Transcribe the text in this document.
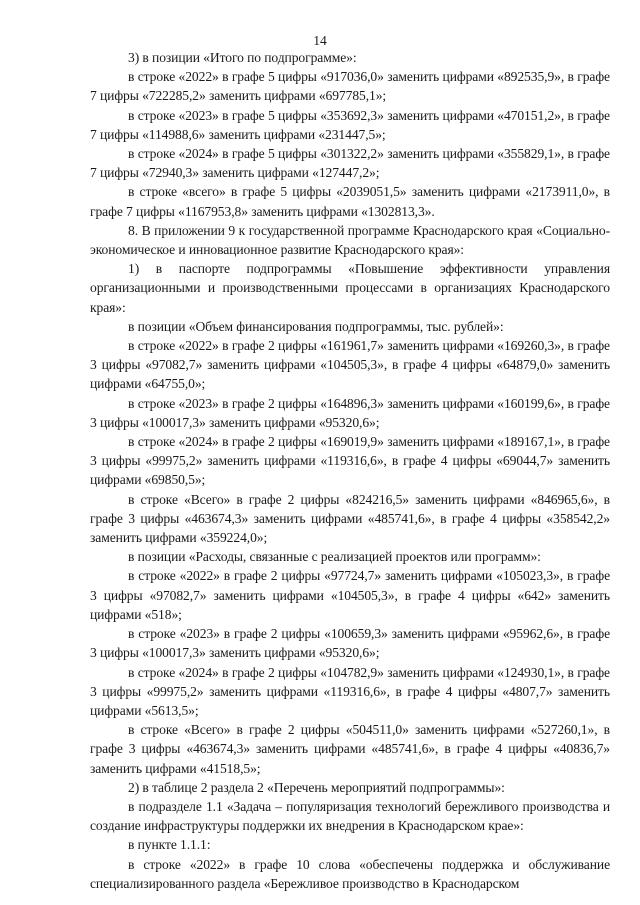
14

3) в позиции «Итого по подпрограмме»:

в строке «2022» в графе 5 цифры «917036,0» заменить цифрами «892535,9», в графе 7 цифры «722285,2» заменить цифрами «697785,1»;

в строке «2023» в графе 5 цифры «353692,3» заменить цифрами «470151,2», в графе 7 цифры «114988,6» заменить цифрами «231447,5»;

в строке «2024» в графе 5 цифры «301322,2» заменить цифрами «355829,1», в графе 7 цифры «72940,3» заменить цифрами «127447,2»;

в строке «всего» в графе 5 цифры «2039051,5» заменить цифрами «2173911,0», в графе 7 цифры «1167953,8» заменить цифрами «1302813,3».

8. В приложении 9 к государственной программе Краснодарского края «Социально-экономическое и инновационное развитие Краснодарского края»:

1) в паспорте подпрограммы «Повышение эффективности управления организационными и производственными процессами в организациях Краснодарского края»:

в позиции «Объем финансирования подпрограммы, тыс. рублей»:

в строке «2022» в графе 2 цифры «161961,7» заменить цифрами «169260,3», в графе 3 цифры «97082,7» заменить цифрами «104505,3», в графе 4 цифры «64879,0» заменить цифрами «64755,0»;

в строке «2023» в графе 2 цифры «164896,3» заменить цифрами «160199,6», в графе 3 цифры «100017,3» заменить цифрами «95320,6»;

в строке «2024» в графе 2 цифры «169019,9» заменить цифрами «189167,1», в графе 3 цифры «99975,2» заменить цифрами «119316,6», в графе 4 цифры «69044,7» заменить цифрами «69850,5»;

в строке «Всего» в графе 2 цифры «824216,5» заменить цифрами «846965,6», в графе 3 цифры «463674,3» заменить цифрами «485741,6», в графе 4 цифры «358542,2» заменить цифрами «359224,0»;

в позиции «Расходы, связанные с реализацией проектов или программ»:

в строке «2022» в графе 2 цифры «97724,7» заменить цифрами «105023,3», в графе 3 цифры «97082,7» заменить цифрами «104505,3», в графе 4 цифры «642» заменить цифрами «518»;

в строке «2023» в графе 2 цифры «100659,3» заменить цифрами «95962,6», в графе 3 цифры «100017,3» заменить цифрами «95320,6»;

в строке «2024» в графе 2 цифры «104782,9» заменить цифрами «124930,1», в графе 3 цифры «99975,2» заменить цифрами «119316,6», в графе 4 цифры «4807,7» заменить цифрами «5613,5»;

в строке «Всего» в графе 2 цифры «504511,0» заменить цифрами «527260,1», в графе 3 цифры «463674,3» заменить цифрами «485741,6», в графе 4 цифры «40836,7» заменить цифрами «41518,5»;

2) в таблице 2 раздела 2 «Перечень мероприятий подпрограммы»:

в подразделе 1.1 «Задача – популяризация технологий бережливого производства и создание инфраструктуры поддержки их внедрения в Краснодарском крае»:

в пункте 1.1.1:

в строке «2022» в графе 10 слова «обеспечены поддержка и обслуживание специализированного раздела «Бережливое производство в Краснодарском
